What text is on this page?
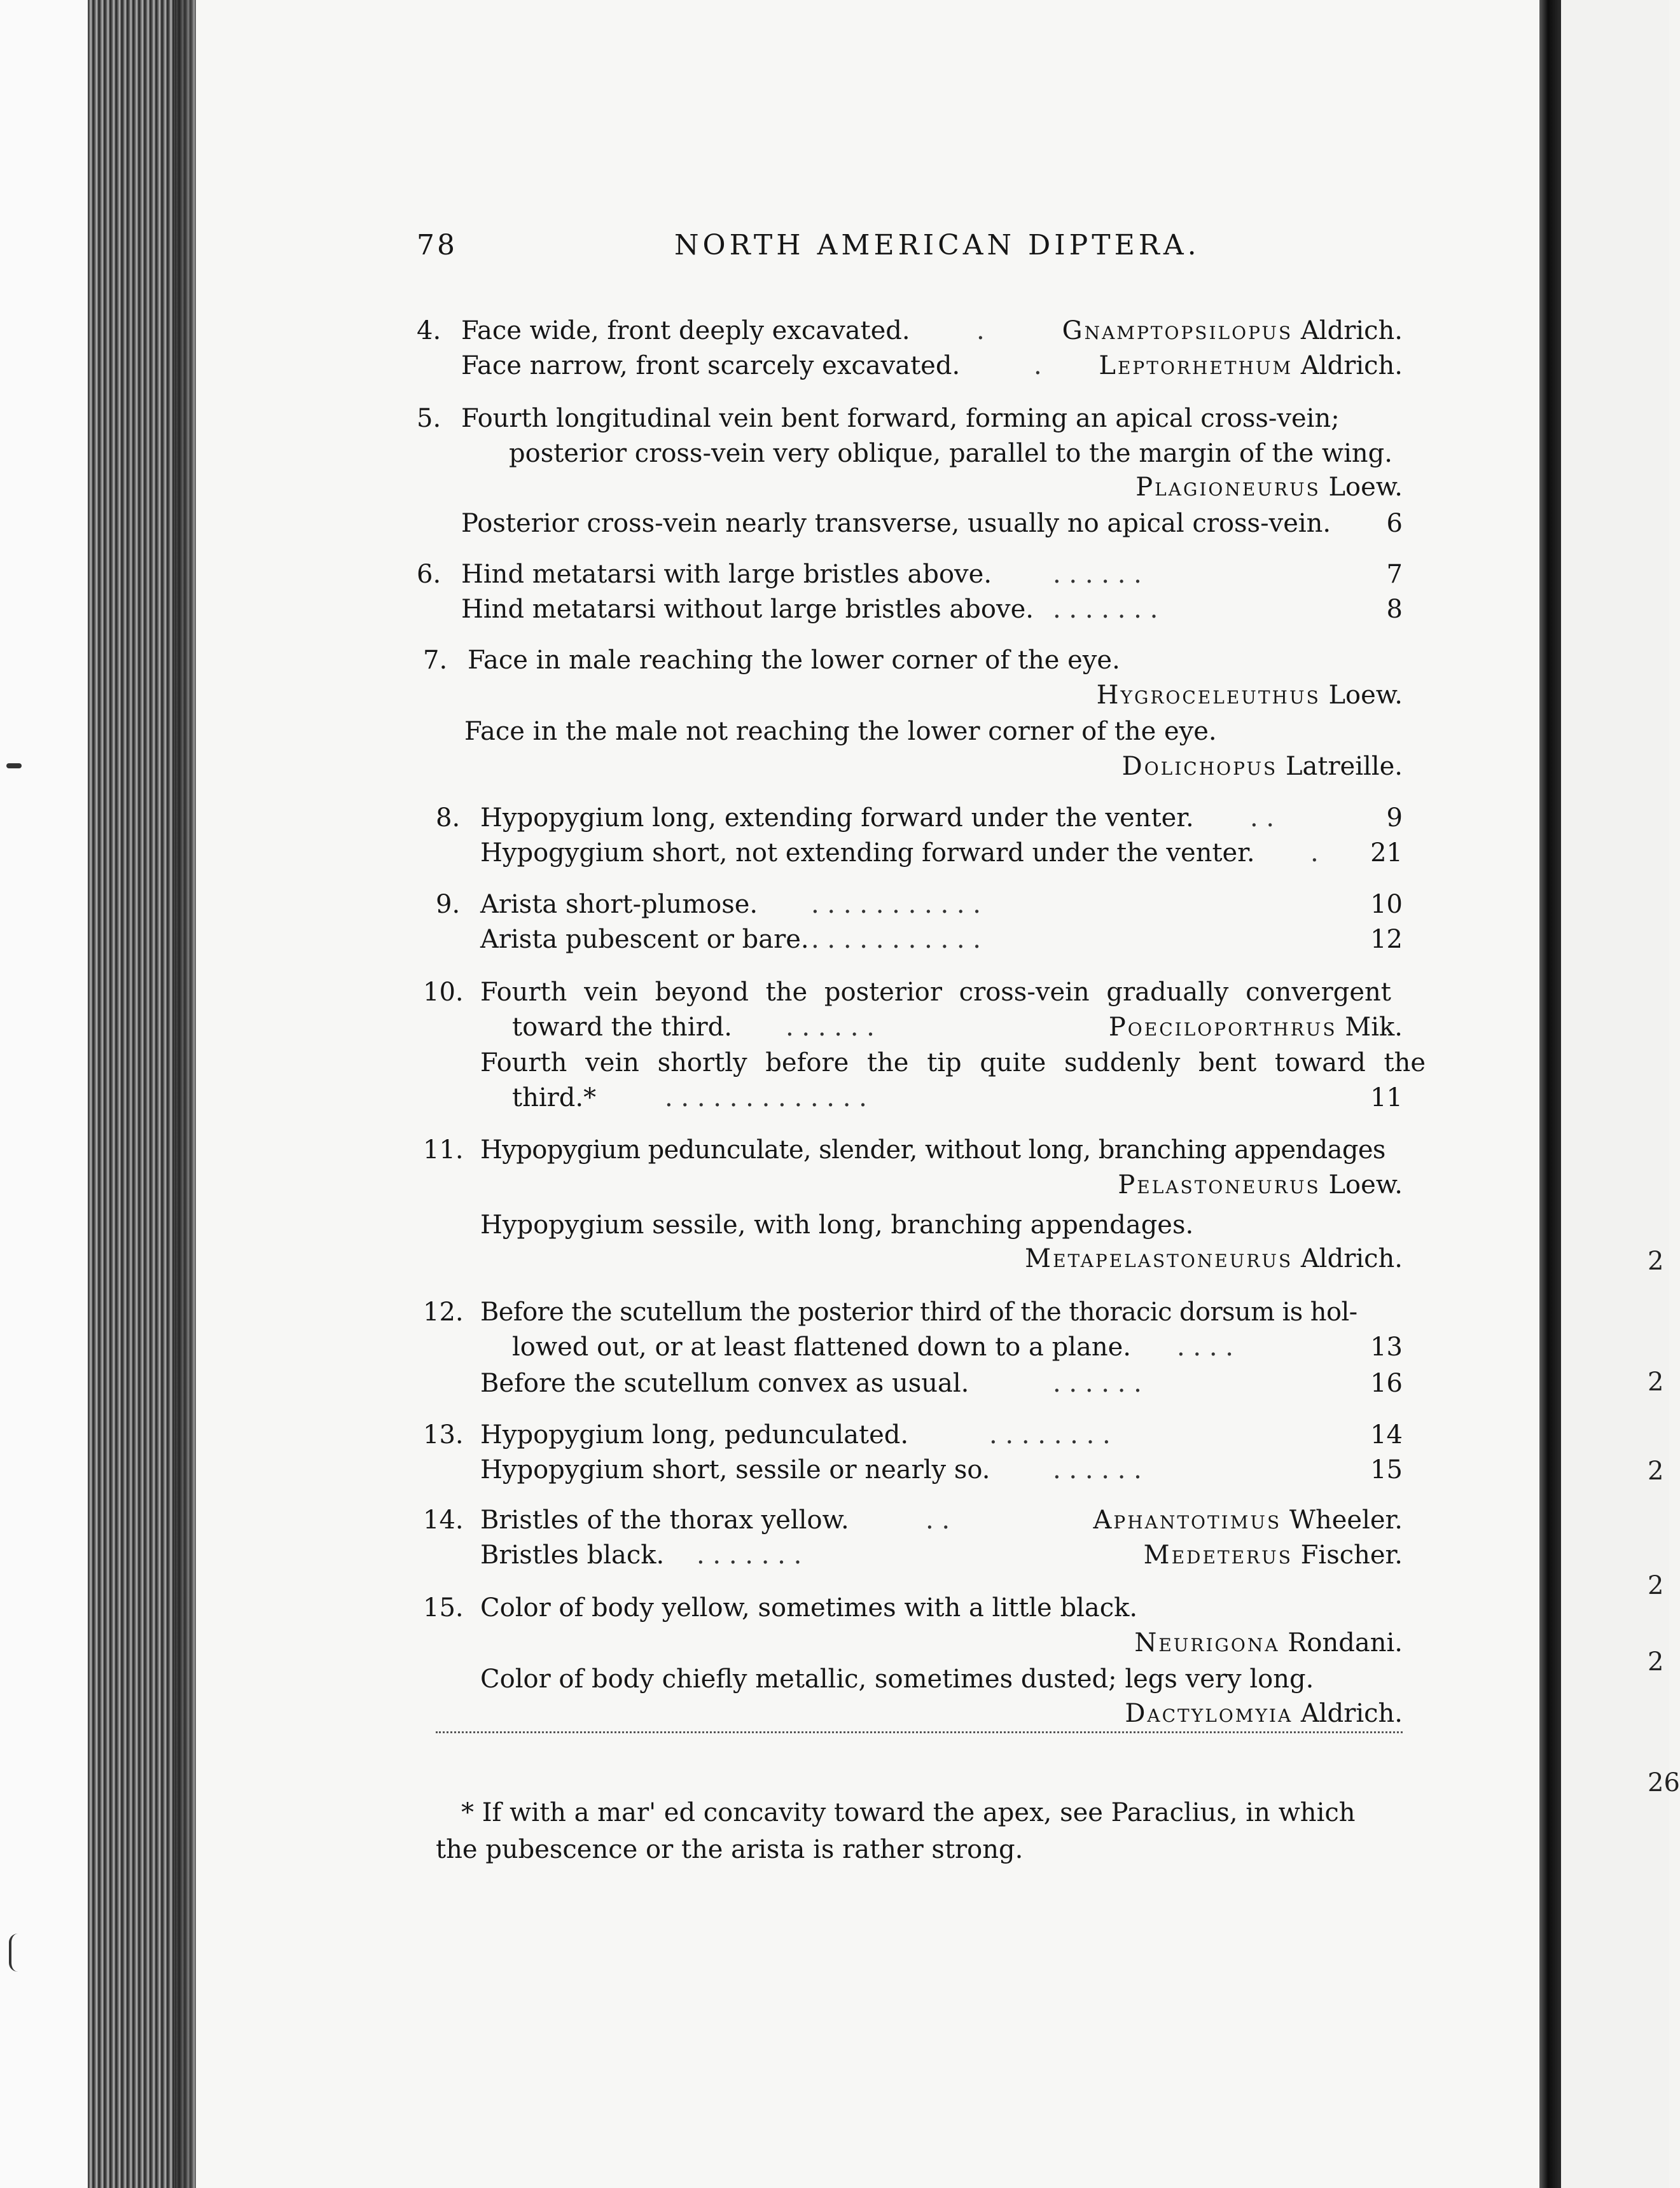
2
2
2
2
2
26
78	NORTH AMERICAN DIPTERA.
4. Face wide, front deeply excavated.	.	Gnamptopsilopus Aldrich.
Face narrow, front scarcely excavated.	. Leptorhethum Aldrich.
5. Fourth longitudinal vein bent forward, forming an apical cross-vein;
posterior cross-vein very oblique, parallel to the margin of the wing.
Plagioneurus Loew.
Posterior cross-vein nearly transverse, usually no apical cross-vein. 6
6. Hind metatarsi with large bristles above. . . . . . .	7
Hind metatarsi without large bristles above. . . . . . . .	8
7. Face in male reaching the lower corner of the eye.
Hygroceleuthus Loew.
Face in the male not reaching the lower corner of the eye.
Dolichopus Latreille.
8. Hypopygium long, extending forward under the venter. . .	9
Hypogygium short, not extending forward under the venter. . 21
9. Arista short-plumose. . . . . . . . . . . .	10
Arista pubescent or bare. . . . . . . . . . . .	12
10. Fourth vein beyond the posterior cross-vein gradually convergent
toward the third. . . . . . .	Poeciloporthrus Mik.
Fourth vein shortly before the tip quite suddenly bent toward the
third.*	. . . . . . . . . . . . .	11
11. Hypopygium pedunculate, slender, without long, branching appendages
Pelastoneurus Loew.
Hypopygium sessile, with long, branching appendages.
Metapelastoneurus Aldrich.
12. Before the scutellum the posterior third of the thoracic dorsum is hol-
lowed out, or at least flattened down to a plane. . . . .	13
Before the scutellum convex as usual.	. . . . . .	16
13. Hypopygium long, pedunculated.	. . . . . . . .	14
Hypopygium short, sessile or nearly so. . . . . . .	15
14. Bristles of the thorax yellow.	. .	Aphantotimus Wheeler.
Bristles black. . . . . . . .	Medeterus Fischer.
15. Color of body yellow, sometimes with a little black.
Neurigona Rondani.
Color of body chiefly metallic, sometimes dusted; legs very long.
Dactylomyia Aldrich.
* If with a mar' ed concavity toward the apex, see Paraclius, in which
the pubescence or the arista is rather strong.
